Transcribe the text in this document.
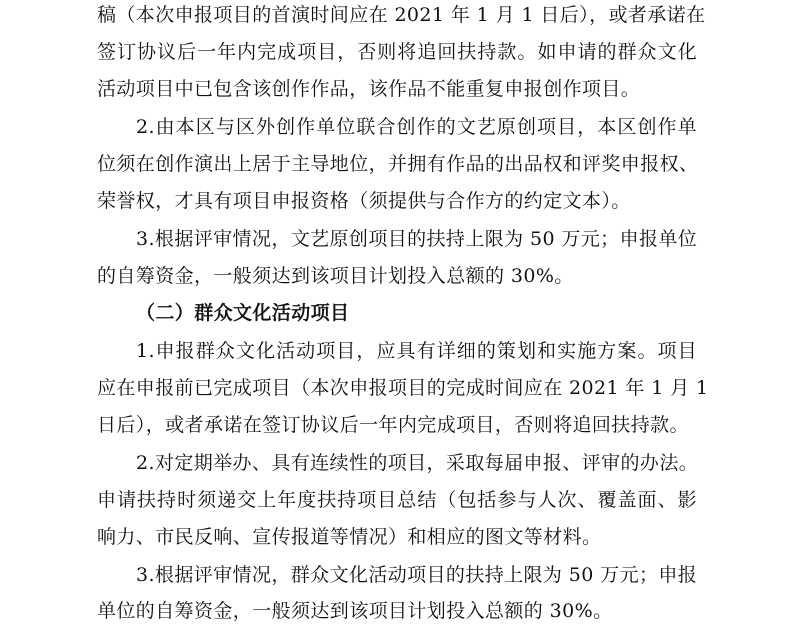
稿（本次申报项目的首演时间应在 2021 年 1 月 1 日后），或者承诺在
签订协议后一年内完成项目，否则将追回扶持款。如申请的群众文化
活动项目中已包含该创作作品，该作品不能重复申报创作项目。
2.由本区与区外创作单位联合创作的文艺原创项目，本区创作单
位须在创作演出上居于主导地位，并拥有作品的出品权和评奖申报权、
荣誉权，才具有项目申报资格（须提供与合作方的约定文本）。
3.根据评审情况，文艺原创项目的扶持上限为 50 万元；申报单位
的自筹资金，一般须达到该项目计划投入总额的 30%。
（二）群众文化活动项目
1.申报群众文化活动项目，应具有详细的策划和实施方案。项目
应在申报前已完成项目（本次申报项目的完成时间应在 2021 年 1 月 1
日后），或者承诺在签订协议后一年内完成项目，否则将追回扶持款。
2.对定期举办、具有连续性的项目，采取每届申报、评审的办法。
申请扶持时须递交上年度扶持项目总结（包括参与人次、覆盖面、影
响力、市民反响、宣传报道等情况）和相应的图文等材料。
3.根据评审情况，群众文化活动项目的扶持上限为 50 万元；申报
单位的自筹资金，一般须达到该项目计划投入总额的 30%。
